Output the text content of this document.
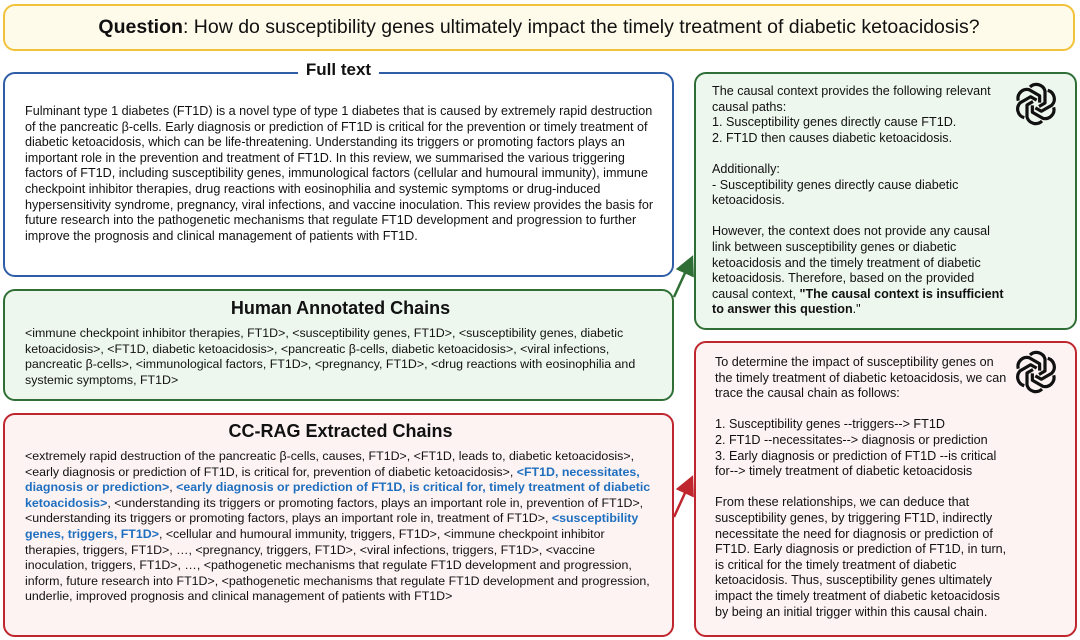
Question: How do susceptibility genes ultimately impact the timely treatment of diabetic ketoacidosis?
Full text
Fulminant type 1 diabetes (FT1D) is a novel type of type 1 diabetes that is caused by extremely rapid destruction of the pancreatic β-cells. Early diagnosis or prediction of FT1D is critical for the prevention or timely treatment of diabetic ketoacidosis, which can be life-threatening. Understanding its triggers or promoting factors plays an important role in the prevention and treatment of FT1D. In this review, we summarised the various triggering factors of FT1D, including susceptibility genes, immunological factors (cellular and humoural immunity), immune checkpoint inhibitor therapies, drug reactions with eosinophilia and systemic symptoms or drug-induced hypersensitivity syndrome, pregnancy, viral infections, and vaccine inoculation. This review provides the basis for future research into the pathogenetic mechanisms that regulate FT1D development and progression to further improve the prognosis and clinical management of patients with FT1D.
Human Annotated Chains
<immune checkpoint inhibitor therapies, FT1D>, <susceptibility genes, FT1D>, <susceptibility genes, diabetic ketoacidosis>, <FT1D, diabetic ketoacidosis>, <pancreatic β-cells, diabetic ketoacidosis>, <viral infections, pancreatic β-cells>, <immunological factors, FT1D>, <pregnancy, FT1D>, <drug reactions with eosinophilia and systemic symptoms, FT1D>
CC-RAG Extracted Chains
<extremely rapid destruction of the pancreatic β-cells, causes, FT1D>, <FT1D, leads to, diabetic ketoacidosis>, <early diagnosis or prediction of FT1D, is critical for, prevention of diabetic ketoacidosis>, <FT1D, necessitates, diagnosis or prediction>, <early diagnosis or prediction of FT1D, is critical for, timely treatment of diabetic ketoacidosis>, <understanding its triggers or promoting factors, plays an important role in, prevention of FT1D>, <understanding its triggers or promoting factors, plays an important role in, treatment of FT1D>, <susceptibility genes, triggers, FT1D>, <cellular and humoural immunity, triggers, FT1D>, <immune checkpoint inhibitor therapies, triggers, FT1D>, …, <pregnancy, triggers, FT1D>, <viral infections, triggers, FT1D>, <vaccine inoculation, triggers, FT1D>, …, <pathogenetic mechanisms that regulate FT1D development and progression, inform, future research into FT1D>, <pathogenetic mechanisms that regulate FT1D development and progression, underlie, improved prognosis and clinical management of patients with FT1D>

The causal context provides the following relevant causal paths:
1. Susceptibility genes directly cause FT1D.
2. FT1D then causes diabetic ketoacidosis.

Additionally:
- Susceptibility genes directly cause diabetic ketoacidosis.

However, the context does not provide any causal link between susceptibility genes or diabetic ketoacidosis and the timely treatment of diabetic ketoacidosis. Therefore, based on the provided causal context, "The causal context is insufficient to answer this question."

To determine the impact of susceptibility genes on the timely treatment of diabetic ketoacidosis, we can trace the causal chain as follows:

1. Susceptibility genes --triggers--> FT1D
2. FT1D --necessitates--> diagnosis or prediction
3. Early diagnosis or prediction of FT1D --is critical for--> timely treatment of diabetic ketoacidosis

From these relationships, we can deduce that susceptibility genes, by triggering FT1D, indirectly necessitate the need for diagnosis or prediction of FT1D. Early diagnosis or prediction of FT1D, in turn, is critical for the timely treatment of diabetic ketoacidosis. Thus, susceptibility genes ultimately impact the timely treatment of diabetic ketoacidosis by being an initial trigger within this causal chain.
